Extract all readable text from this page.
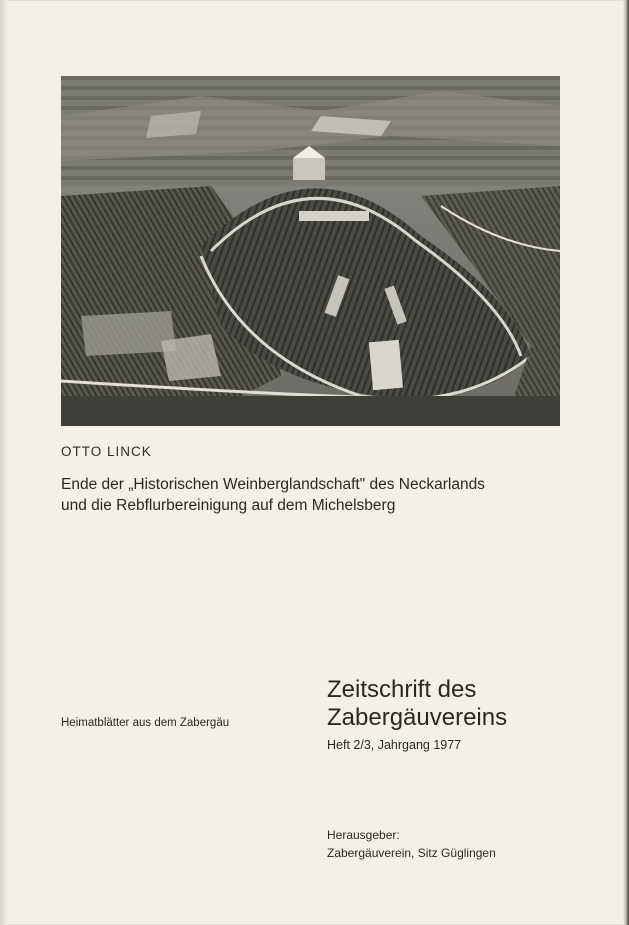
OTTO LINCK
Ende der „Historischen Weinberglandschaft" des Neckarlands
und die Rebflurbereinigung auf dem Michelsberg
Heimatblätter aus dem Zabergäu
Zeitschrift des
Zabergäuvereins
Heft 2/3, Jahrgang 1977
Herausgeber:
Zabergäuverein, Sitz Güglingen
